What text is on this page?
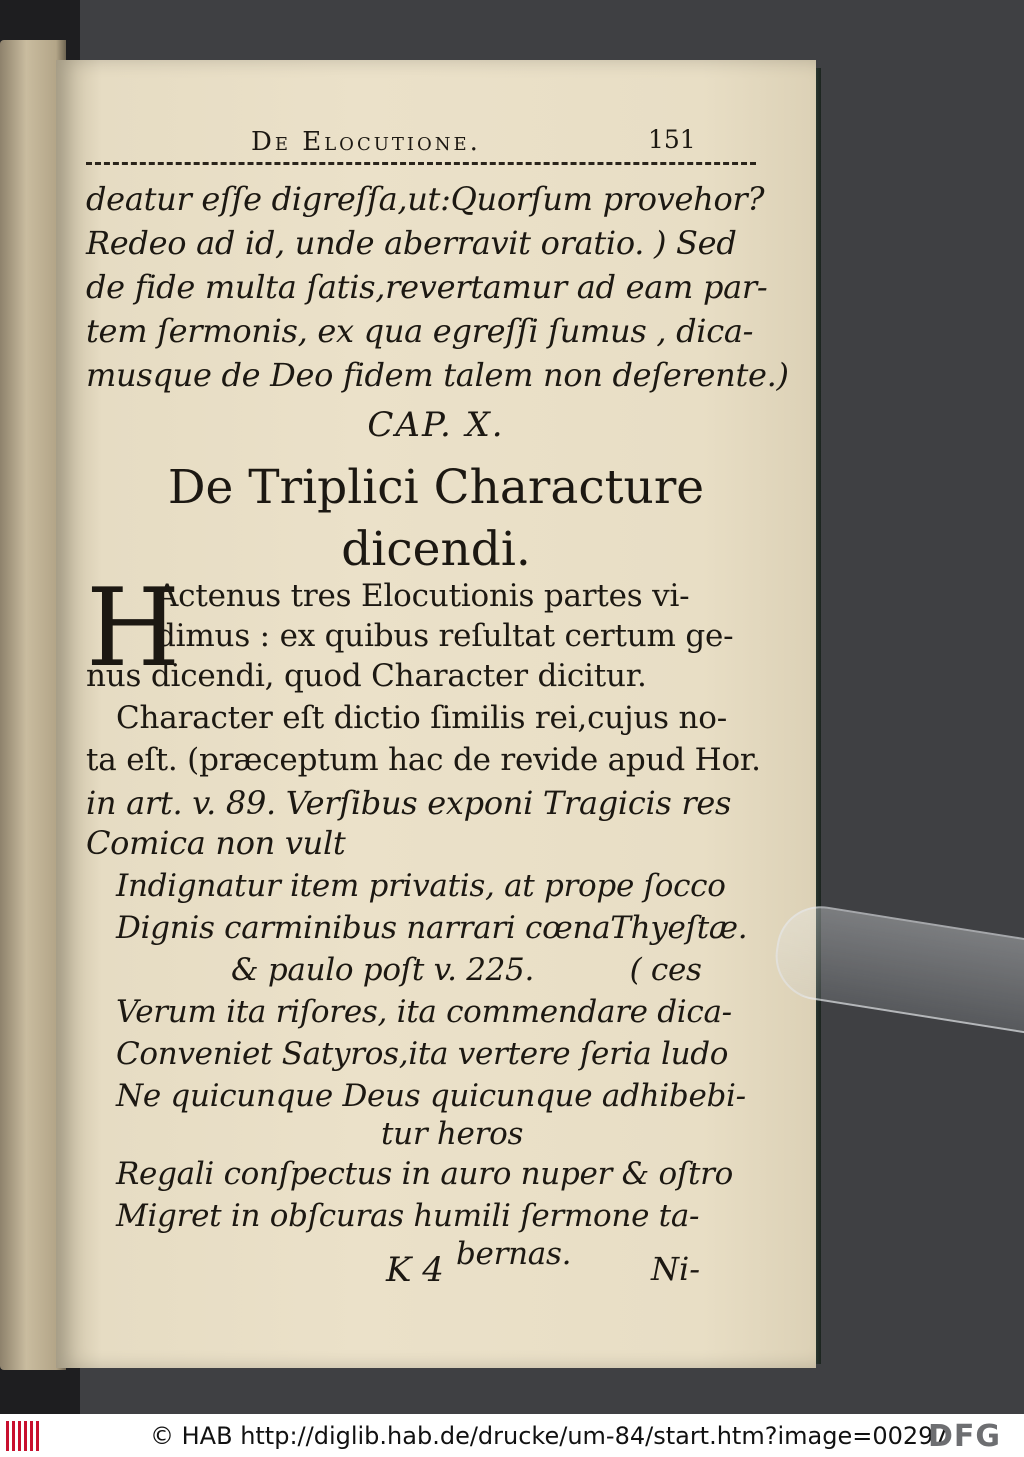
De Elocutione.	151
deatur eſſe digreſſa,ut:Quorſum provehor?
Redeo ad id, unde aberravit oratio. ) Sed
de fide multa ſatis,revertamur ad eam par-
tem ſermonis, ex qua egreſſi ſumus , dica-
musque de Deo fidem talem non deſerente.)
CAP. X.
De Triplici Characture
dicendi.
H
Actenus tres Elocutionis partes vi-
dimus : ex quibus reſultat certum ge-
nus dicendi, quod Character dicitur.
Character eſt dictio ſimilis rei,cujus no-
ta eſt. (præceptum hac de revide apud Hor.
in art. v. 89. Verſibus exponi Tragicis res
Comica non vult
Indignatur item privatis, at prope ſocco
Dignis carminibus narrari cœnaThyeſtæ.
& paulo poſt v. 225.          ( ces
Verum ita riſores, ita commendare dica-
Conveniet Satyros,ita vertere ſeria ludo
Ne quicunque Deus quicunque adhibebi-
tur heros
Regali conſpectus in auro nuper & oſtro
Migret in obſcuras humili ſermone ta-
bernas.
K 4	Ni-
© HAB http://diglib.hab.de/drucke/um-84/start.htm?image=00297
DFG
